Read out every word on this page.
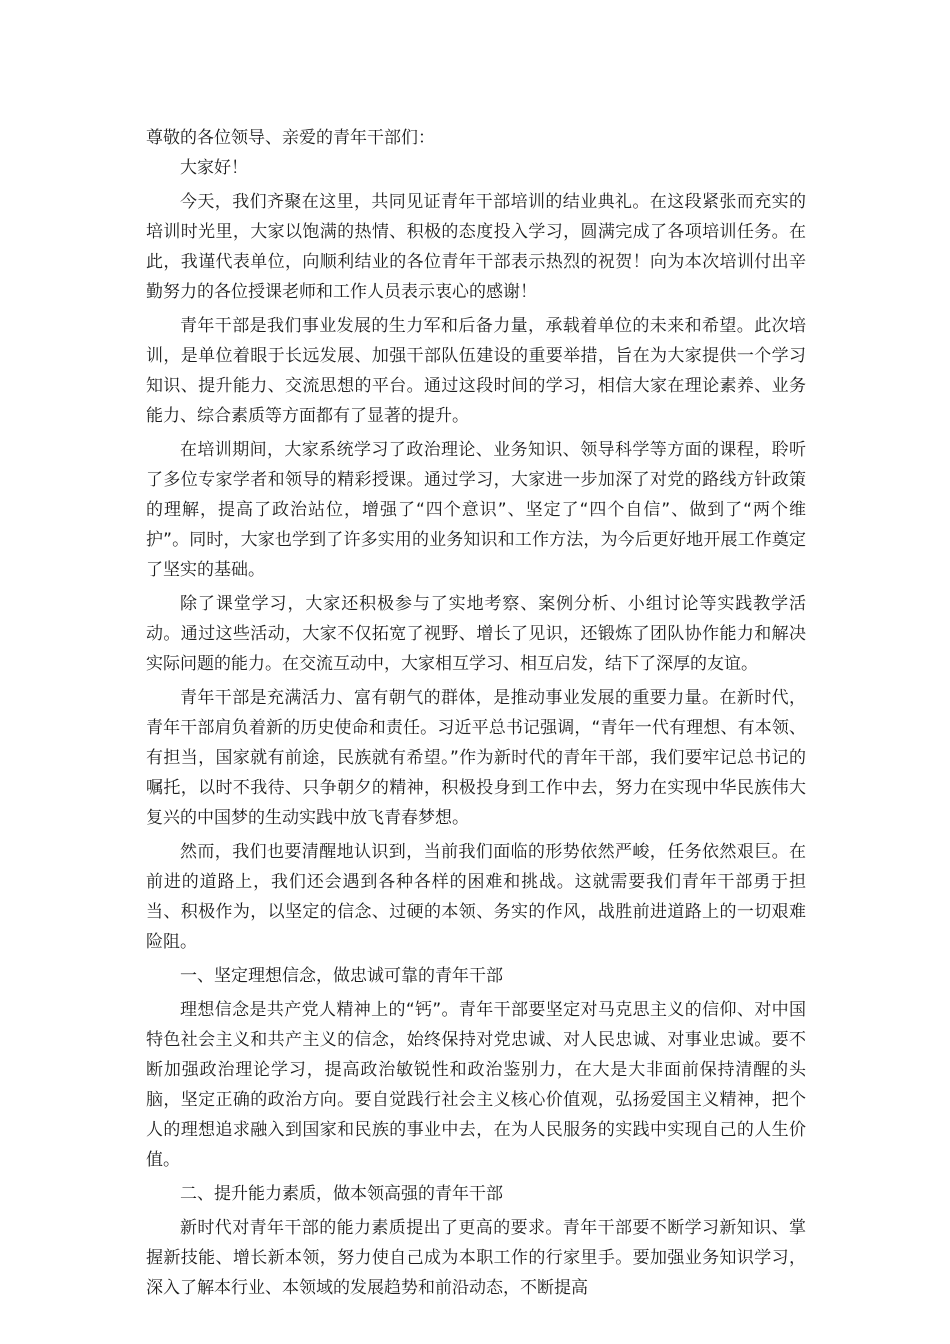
尊敬的各位领导、亲爱的青年干部们：

大家好！

今天，我们齐聚在这里，共同见证青年干部培训的结业典礼。在这段紧张而充实的培训时光里，大家以饱满的热情、积极的态度投入学习，圆满完成了各项培训任务。在此，我谨代表单位，向顺利结业的各位青年干部表示热烈的祝贺！向为本次培训付出辛勤努力的各位授课老师和工作人员表示衷心的感谢！

青年干部是我们事业发展的生力军和后备力量，承载着单位的未来和希望。此次培训，是单位着眼于长远发展、加强干部队伍建设的重要举措，旨在为大家提供一个学习知识、提升能力、交流思想的平台。通过这段时间的学习，相信大家在理论素养、业务能力、综合素质等方面都有了显著的提升。

在培训期间，大家系统学习了政治理论、业务知识、领导科学等方面的课程，聆听了多位专家学者和领导的精彩授课。通过学习，大家进一步加深了对党的路线方针政策的理解，提高了政治站位，增强了“四个意识”、坚定了“四个自信”、做到了“两个维护”。同时，大家也学到了许多实用的业务知识和工作方法，为今后更好地开展工作奠定了坚实的基础。

除了课堂学习，大家还积极参与了实地考察、案例分析、小组讨论等实践教学活动。通过这些活动，大家不仅拓宽了视野、增长了见识，还锻炼了团队协作能力和解决实际问题的能力。在交流互动中，大家相互学习、相互启发，结下了深厚的友谊。

青年干部是充满活力、富有朝气的群体，是推动事业发展的重要力量。在新时代，青年干部肩负着新的历史使命和责任。习近平总书记强调，“青年一代有理想、有本领、有担当，国家就有前途，民族就有希望。”作为新时代的青年干部，我们要牢记总书记的嘱托，以时不我待、只争朝夕的精神，积极投身到工作中去，努力在实现中华民族伟大复兴的中国梦的生动实践中放飞青春梦想。

然而，我们也要清醒地认识到，当前我们面临的形势依然严峻，任务依然艰巨。在前进的道路上，我们还会遇到各种各样的困难和挑战。这就需要我们青年干部勇于担当、积极作为，以坚定的信念、过硬的本领、务实的作风，战胜前进道路上的一切艰难险阻。

一、坚定理想信念，做忠诚可靠的青年干部

理想信念是共产党人精神上的“钙”。青年干部要坚定对马克思主义的信仰、对中国特色社会主义和共产主义的信念，始终保持对党忠诚、对人民忠诚、对事业忠诚。要不断加强政治理论学习，提高政治敏锐性和政治鉴别力，在大是大非面前保持清醒的头脑，坚定正确的政治方向。要自觉践行社会主义核心价值观，弘扬爱国主义精神，把个人的理想追求融入到国家和民族的事业中去，在为人民服务的实践中实现自己的人生价值。

二、提升能力素质，做本领高强的青年干部

新时代对青年干部的能力素质提出了更高的要求。青年干部要不断学习新知识、掌握新技能、增长新本领，努力使自己成为本职工作的行家里手。要加强业务知识学习，深入了解本行业、本领域的发展趋势和前沿动态，不断提高
